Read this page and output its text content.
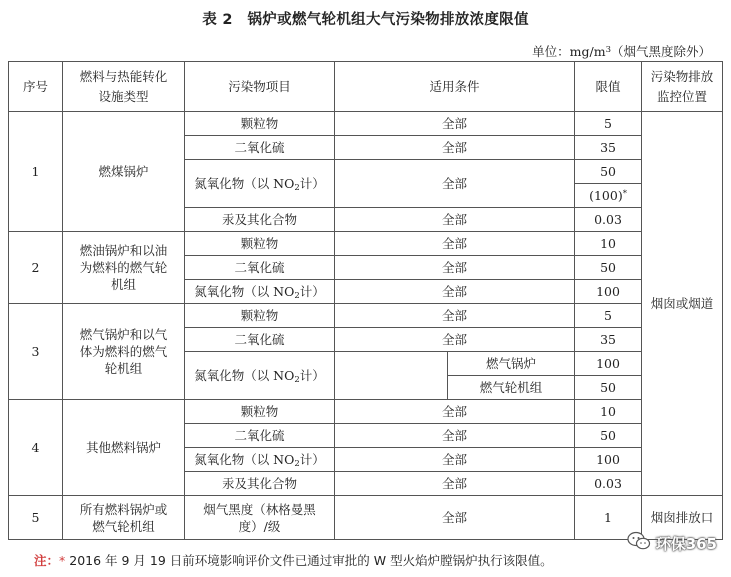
表 2　锅炉或燃气轮机组大气污染物排放浓度限值
单位：$mg/m^3$（烟气黑度除外）
序号	燃料与热能转化
设施类型	污染物项目	适用条件		限值	污染物排放
监控位置
1	燃煤锅炉	颗粒物	全部		5	烟囱或烟道
		二氧化硫	全部		35	
		氮氧化物（以 $NO_2$计）	全部		50	
					(100)*
		汞及其化合物	全部		0.03	
2	燃油锅炉和以油
为燃料的燃气轮
机组	颗粒物	全部		10	
		二氧化硫	全部		50	
		氮氧化物（以 $NO_2$计）	全部		100	
3	燃气锅炉和以气
体为燃料的燃气
轮机组	颗粒物	全部		5	
		二氧化硫	全部		35	
		氮氧化物（以 $NO_2$计）		燃气锅炉	100	
				燃气轮机组	50	
4	其他燃料锅炉	颗粒物	全部		10	
		二氧化硫	全部		50	
		氮氧化物（以 $NO_2$计）	全部		100	
		汞及其化合物	全部		0.03	
5	所有燃料锅炉或
燃气轮机组	烟气黑度（林格曼黑
度）/级	全部		1	烟囱排放口
注：* 2016 年 9 月 19 日前环境影响评价文件已通过审批的 W 型火焰炉膛锅炉执行该限值。
环保365
